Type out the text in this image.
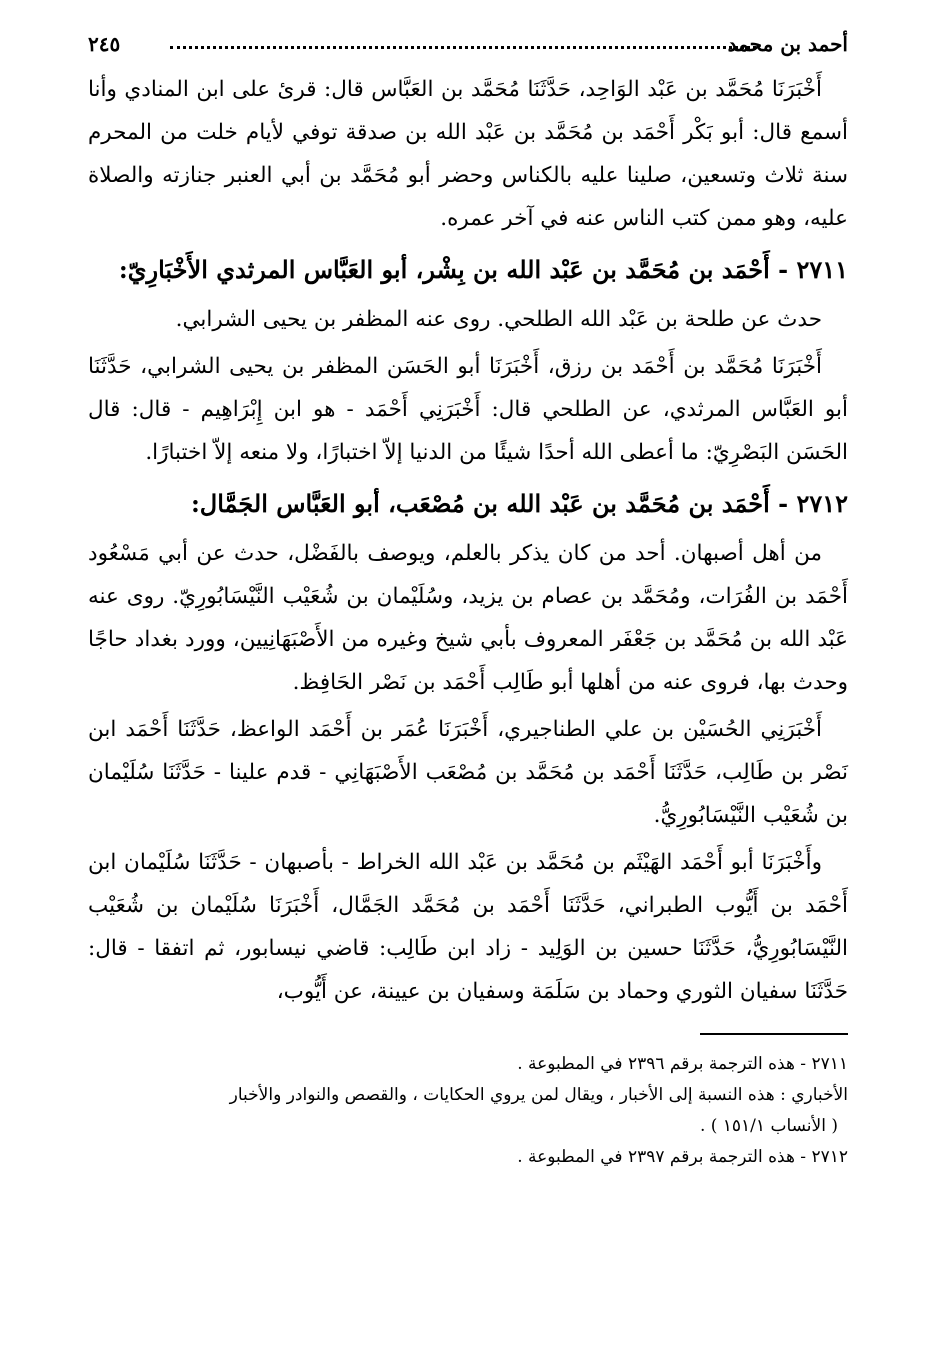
أحمد بن محمد
٢٤٥

أَخْبَرَنَا مُحَمَّد بن عَبْد الوَاحِد، حَدَّثَنَا مُحَمَّد بن العَبَّاس قال: قرئ على ابن المنادي وأنا أسمع قال: أبو بَكْر أَحْمَد بن مُحَمَّد بن عَبْد الله بن صدقة توفي لأيام خلت من المحرم سنة ثلاث وتسعين، صلينا عليه بالكناس وحضر أبو مُحَمَّد بن أبي العنبر جنازته والصلاة عليه، وهو ممن كتب الناس عنه في آخر عمره.

٢٧١١ - أَحْمَد بن مُحَمَّد بن عَبْد الله بن بِشْر، أبو العَبَّاس المرثدي الأَخْبَارِيّ:

حدث عن طلحة بن عَبْد الله الطلحي. روى عنه المظفر بن يحيى الشرابي.

أَخْبَرَنَا مُحَمَّد بن أَحْمَد بن رزق، أَخْبَرَنَا أبو الحَسَن المظفر بن يحيى الشرابي، حَدَّثَنَا أبو العَبَّاس المرثدي، عن الطلحي قال: أَخْبَرَنِي أَحْمَد - هو ابن إِبْرَاهِيم - قال: قال الحَسَن البَصْرِيّ: ما أعطى الله أحدًا شيئًا من الدنيا إلاّ اختبارًا، ولا منعه إلاّ اختبارًا.

٢٧١٢ - أَحْمَد بن مُحَمَّد بن عَبْد الله بن مُصْعَب، أبو العَبَّاس الجَمَّال:

من أهل أصبهان. أحد من كان يذكر بالعلم، ويوصف بالفَضْل، حدث عن أبي مَسْعُود أَحْمَد بن الفُرَات، ومُحَمَّد بن عصام بن يزيد، وسُلَيْمان بن شُعَيْب النَّيْسَابُورِيّ. روى عنه عَبْد الله بن مُحَمَّد بن جَعْفَر المعروف بأبي شيخ وغيره من الأَصْبَهَانِيين، وورد بغداد حاجًا وحدث بها، فروى عنه من أهلها أبو طَالِب أَحْمَد بن نَصْر الحَافِظ.

أَخْبَرَنِي الحُسَيْن بن علي الطناجيري، أَخْبَرَنَا عُمَر بن أَحْمَد الواعظ، حَدَّثَنَا أَحْمَد ابن نَصْر بن طَالِب، حَدَّثَنَا أَحْمَد بن مُحَمَّد بن مُصْعَب الأَصْبَهَانِي - قدم علينا - حَدَّثَنَا سُلَيْمان بن شُعَيْب النَّيْسَابُورِيُّ.

وأَخْبَرَنَا أبو أَحْمَد الهَيْثَم بن مُحَمَّد بن عَبْد الله الخراط - بأصبهان - حَدَّثَنَا سُلَيْمان ابن أَحْمَد بن أَيُّوب الطبراني، حَدَّثَنَا أَحْمَد بن مُحَمَّد الجَمَّال، أَخْبَرَنَا سُلَيْمان بن شُعَيْب النَّيْسَابُورِيُّ، حَدَّثَنَا حسين بن الوَلِيد - زاد ابن طَالِب: قاضي نيسابور، ثم اتفقا - قال: حَدَّثَنَا سفيان الثوري وحماد بن سَلَمَة وسفيان بن عيينة، عن أَيُّوب،

٢٧١١ - هذه الترجمة برقم ٢٣٩٦ في المطبوعة .

الأخباري : هذه النسبة إلى الأخبار ، ويقال لمن يروي الحكايات ، والقصص والنوادر والأخبار

( الأنساب ١٥١/١ ) .

٢٧١٢ - هذه الترجمة برقم ٢٣٩٧ في المطبوعة .
